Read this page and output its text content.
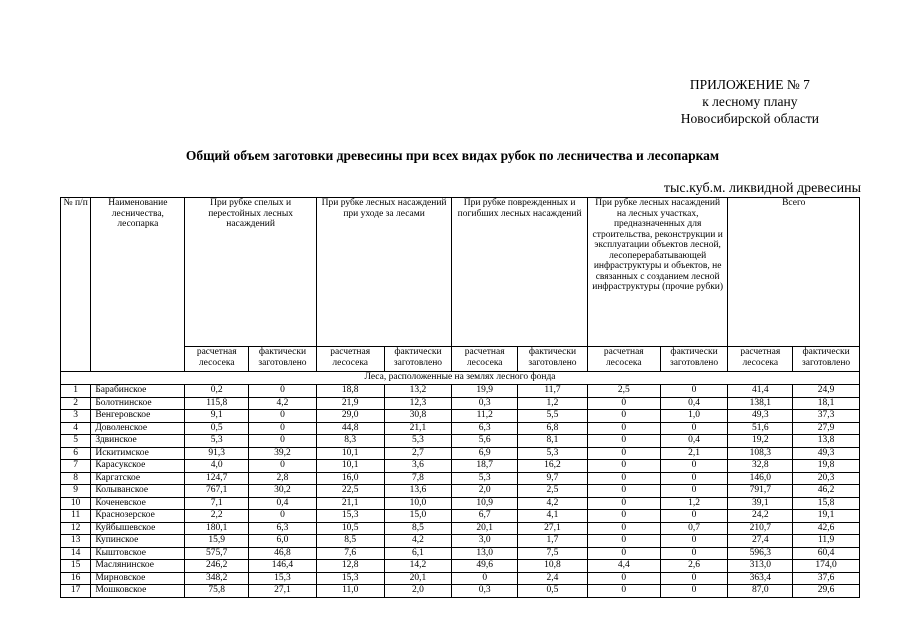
ПРИЛОЖЕНИЕ № 7
к лесному плану
Новосибирской области
Общий объем заготовки древесины при всех видах рубок по лесничества и лесопаркам
тыс.куб.м. ликвидной древесины
№ п/п	Наименование лесничества, лесопарка	При рубке спелых и перестойных лесных насаждений		При рубке лесных насаждений при уходе за лесами		При рубке поврежденных и погибших лесных насаждений		При рубке лесных насаждений на лесных участках, предназначенных для строительства, реконструкции и эксплуатации объектов лесной, лесоперерабатывающей инфраструктуры и объектов, не связанных с созданием лесной инфраструктуры (прочие рубки)		Всего	
		расчетная лесосека	фактически заготовлено	расчетная лесосека	фактически заготовлено	расчетная лесосека	фактически заготовлено	расчетная лесосека	фактически заготовлено	расчетная лесосека	фактически заготовлено
Леса, расположенные на землях лесного фонда											
1	Барабинское	0,2	0	18,8	13,2	19,9	11,7	2,5	0	41,4	24,9
2	Болотнинское	115,8	4,2	21,9	12,3	0,3	1,2	0	0,4	138,1	18,1
3	Венгеровское	9,1	0	29,0	30,8	11,2	5,5	0	1,0	49,3	37,3
4	Доволенское	0,5	0	44,8	21,1	6,3	6,8	0	0	51,6	27,9
5	Здвинское	5,3	0	8,3	5,3	5,6	8,1	0	0,4	19,2	13,8
6	Искитимское	91,3	39,2	10,1	2,7	6,9	5,3	0	2,1	108,3	49,3
7	Карасукское	4,0	0	10,1	3,6	18,7	16,2	0	0	32,8	19,8
8	Каргатское	124,7	2,8	16,0	7,8	5,3	9,7	0	0	146,0	20,3
9	Колыванское	767,1	30,2	22,5	13,6	2,0	2,5	0	0	791,7	46,2
10	Коченевское	7,1	0,4	21,1	10,0	10,9	4,2	0	1,2	39,1	15,8
11	Краснозерское	2,2	0	15,3	15,0	6,7	4,1	0	0	24,2	19,1
12	Куйбышевское	180,1	6,3	10,5	8,5	20,1	27,1	0	0,7	210,7	42,6
13	Купинское	15,9	6,0	8,5	4,2	3,0	1,7	0	0	27,4	11,9
14	Кыштовское	575,7	46,8	7,6	6,1	13,0	7,5	0	0	596,3	60,4
15	Маслянинское	246,2	146,4	12,8	14,2	49,6	10,8	4,4	2,6	313,0	174,0
16	Мирновское	348,2	15,3	15,3	20,1	0	2,4	0	0	363,4	37,6
17	Мошковское	75,8	27,1	11,0	2,0	0,3	0,5	0	0	87,0	29,6
